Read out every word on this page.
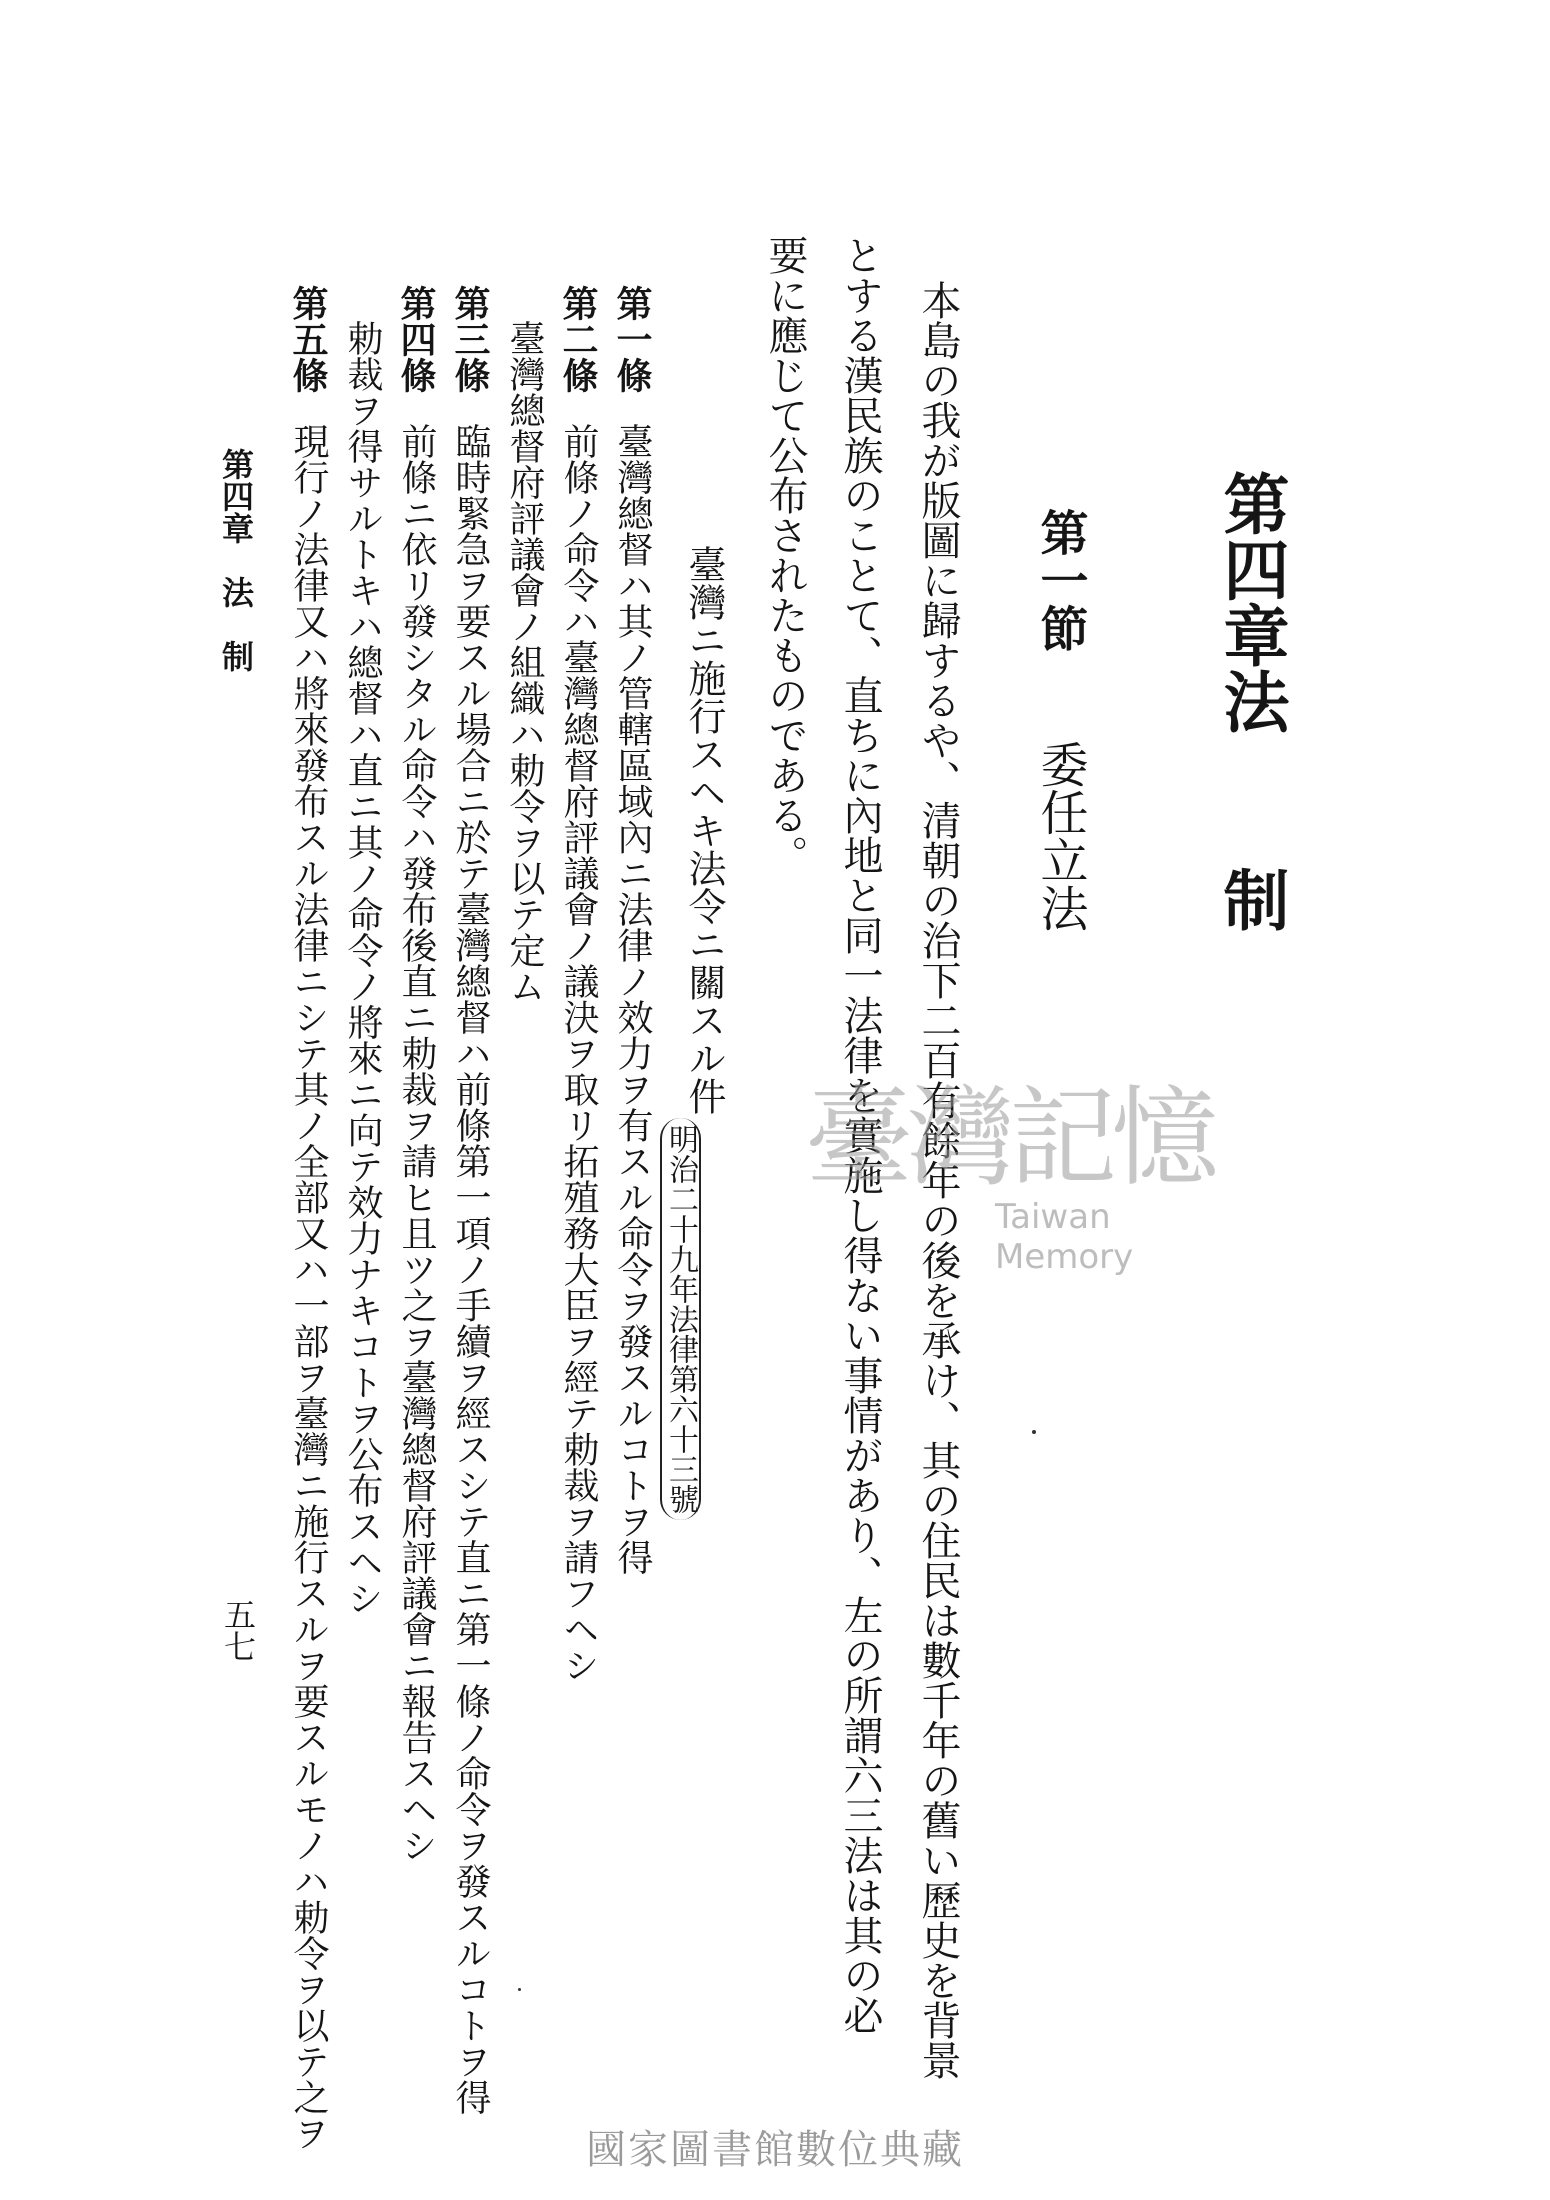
第四章法　　制
第一節
委任立法
本島の我が版圖に歸するや、清朝の治下二百有餘年の後を承け、其の住民は數千年の舊い歷史を背景
とする漢民族のことて、直ちに內地と同一法律を實施し得ない事情があり、左の所謂六三法は其の必
要に應じて公布されたものである。
臺灣ニ施行スヘキ法令ニ關スル件
明治二十九年法律第六十三號
第一條臺灣總督ハ其ノ管轄區域內ニ法律ノ效力ヲ有スル命令ヲ發スルコトヲ得
第二條前條ノ命令ハ臺灣總督府評議會ノ議決ヲ取リ拓殖務大臣ヲ經テ勅裁ヲ請フヘシ
臺灣總督府評議會ノ組織ハ勅令ヲ以テ定ム
第三條臨時緊急ヲ要スル場合ニ於テ臺灣總督ハ前條第一項ノ手續ヲ經スシテ直ニ第一條ノ命令ヲ發スルコトヲ得
第四條前條ニ依リ發シタル命令ハ發布後直ニ勅裁ヲ請ヒ且ツ之ヲ臺灣總督府評議會ニ報告スヘシ
勅裁ヲ得サルトキハ總督ハ直ニ其ノ命令ノ將來ニ向テ效力ナキコトヲ公布スヘシ
第五條現行ノ法律又ハ將來發布スル法律ニシテ其ノ全部又ハ一部ヲ臺灣ニ施行スルヲ要スルモノハ勅令ヲ以テ之ヲ
第四章　法　制
五七
臺灣記憶
Taiwan Memory
國家圖書館數位典藏
